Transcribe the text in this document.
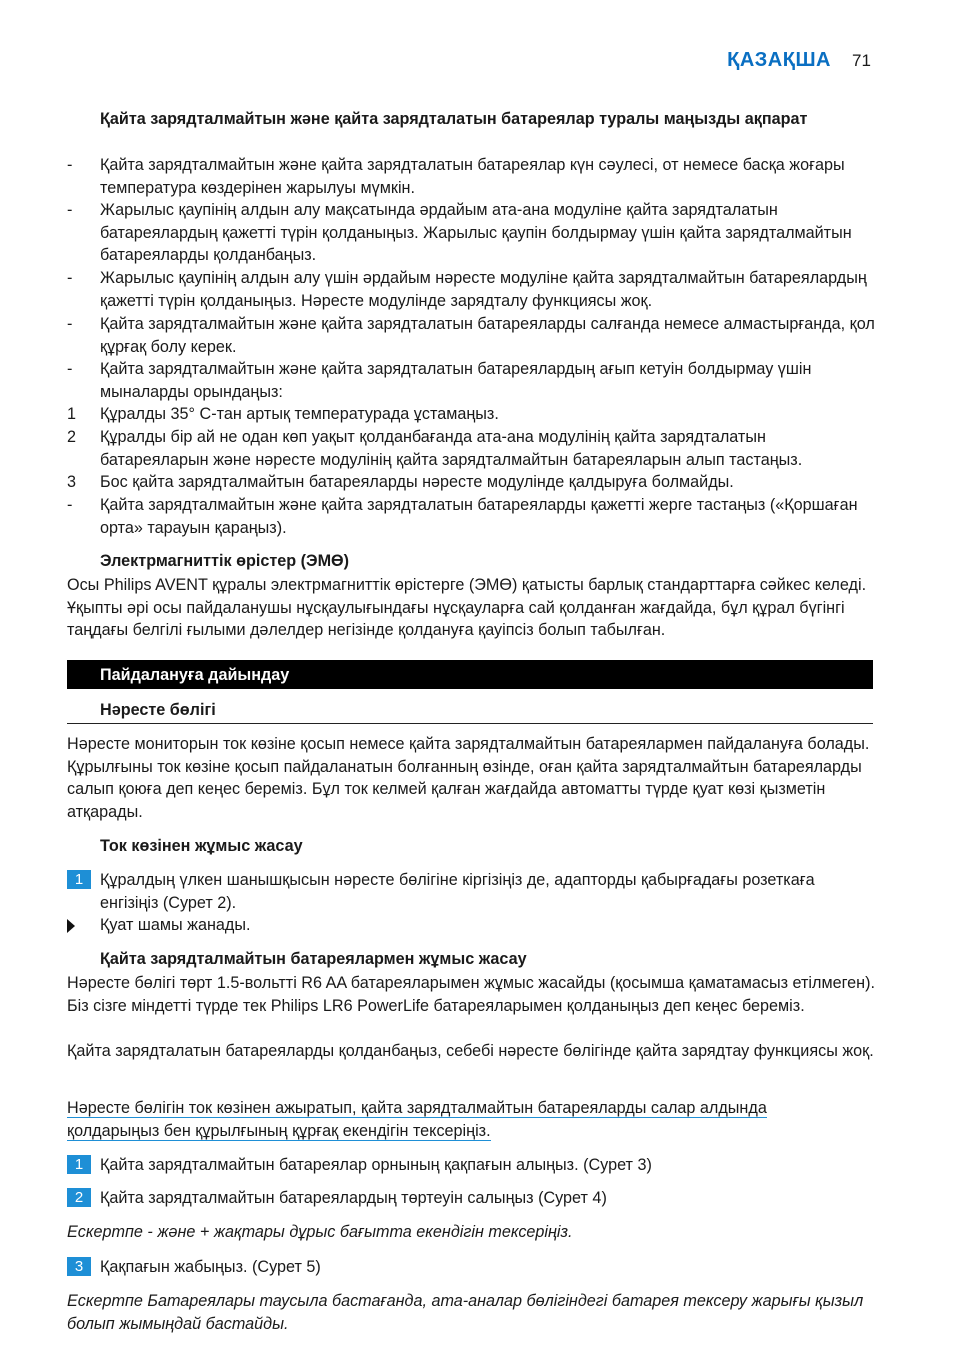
ҚАЗАҚША 71
Қайта зарядталмайтын және қайта зарядталатын батареялар туралы маңызды ақпарат
-	Қайта зарядталмайтын және қайта зарядталатын батареялар күн сәулесі, от немесе басқа жоғары температура көздерінен жарылуы мүмкін.
-	Жарылыс қаупінің алдын алу мақсатында әрдайым ата-ана модуліне қайта зарядталатын батареялардың қажетті түрін қолданыңыз. Жарылыс қаупін болдырмау үшін қайта зарядталмайтын батареяларды қолданбаңыз.
-	Жарылыс қаупінің алдын алу үшін әрдайым нәресте модуліне қайта зарядталмайтын батареялардың қажетті түрін қолданыңыз. Нәресте модулінде зарядталу функциясы жоқ.
-	Қайта зарядталмайтын және қайта зарядталатын батареяларды салғанда немесе алмастырғанда, қол құрғақ болу керек.
-	Қайта зарядталмайтын және қайта зарядталатын батареялардың ағып кетуін болдырмау үшін мыналарды орындаңыз:
1	Құралды 35° С-тан артық температурада ұстамаңыз.
2	Құралды бір ай не одан көп уақыт қолданбағанда ата-ана модулінің қайта зарядталатын батареяларын және нәресте модулінің қайта зарядталмайтын батареяларын алып тастаңыз.
3	Бос қайта зарядталмайтын батареяларды нәресте модулінде қалдыруға болмайды.
-	Қайта зарядталмайтын және қайта зарядталатын батареяларды қажетті жерге тастаңыз («Қоршаған орта» тарауын қараңыз).
Электрмагниттік өрістер (ЭМӨ)
Осы Philips AVENT құралы электрмагниттік өрістерге (ЭМӨ) қатысты барлық стандарттарға сәйкес келеді. Ұқыпты әрі осы пайдаланушы нұсқаулығындағы нұсқауларға сай қолданған жағдайда, бұл құрал бүгінгі таңдағы белгілі ғылыми дәлелдер негізінде қолдануға қауіпсіз болып табылған.
Пайдалануға дайындау
Нәресте бөлігі
Нәресте мониторын ток көзіне қосып немесе қайта зарядталмайтын батареялармен пайдалануға болады. Құрылғыны ток көзіне қосып пайдаланатын болғанның өзінде, оған қайта зарядталмайтын батареяларды салып қоюға деп кеңес береміз. Бұл ток келмей қалған жағдайда автоматты түрде қуат көзі қызметін атқарады.
Ток көзінен жұмыс жасау
1	Құралдың үлкен шанышқысын нәресте бөлігіне кіргізіңіз де, адапторды қабырғадағы розеткаға енгізіңіз (Сурет 2).
Қуат шамы жанады.
Қайта зарядталмайтын батареялармен жұмыс жасау
Нәресте бөлігі төрт 1.5-вольтті R6 AA батареяларымен жұмыс жасайды (қосымша қаматамасыз етілмеген). Біз сізге міндетті түрде тек Philips LR6 PowerLife батареяларымен қолданыңыз деп кеңес береміз.
Қайта зарядталатын батареяларды қолданбаңыз, себебі нәресте бөлігінде қайта зарядтау функциясы жоқ.
Нәресте бөлігін ток көзінен ажыратып, қайта зарядталмайтын батареяларды салар алдында
қолдарыңыз бен құрылғының құрғақ екендігін тексеріңіз.
1	Қайта зарядталмайтын батареялар орнының қақпағын алыңыз. (Сурет 3)
2	Қайта зарядталмайтын батареялардың төртеуін салыңыз (Сурет 4)
Ескертпе - және + жақтары дұрыс бағытта екендігін тексеріңіз.
3	Қақпағын жабыңыз. (Сурет 5)
Ескертпе Батареялары таусыла бастағанда, ата-аналар бөлігіндегі батарея тексеру жарығы қызыл болып жымыңдай бастайды.
